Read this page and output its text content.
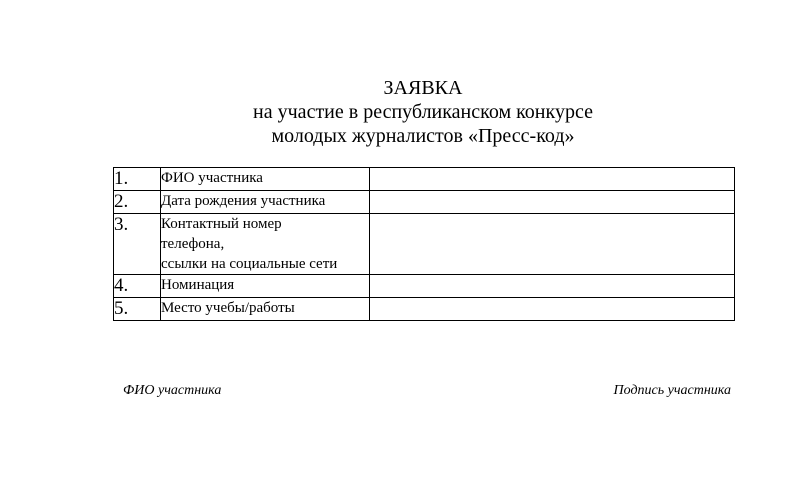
ЗАЯВКА
на участие в республиканском конкурсе
молодых журналистов «Пресс-код»
1.	ФИО участника	

2.	Дата рождения участника	

3.	Контактный номер
телефона,
ссылки на социальные сети	

4.	Номинация	

5.	Место учебы/работы	

ФИО участника	Подпись участника
